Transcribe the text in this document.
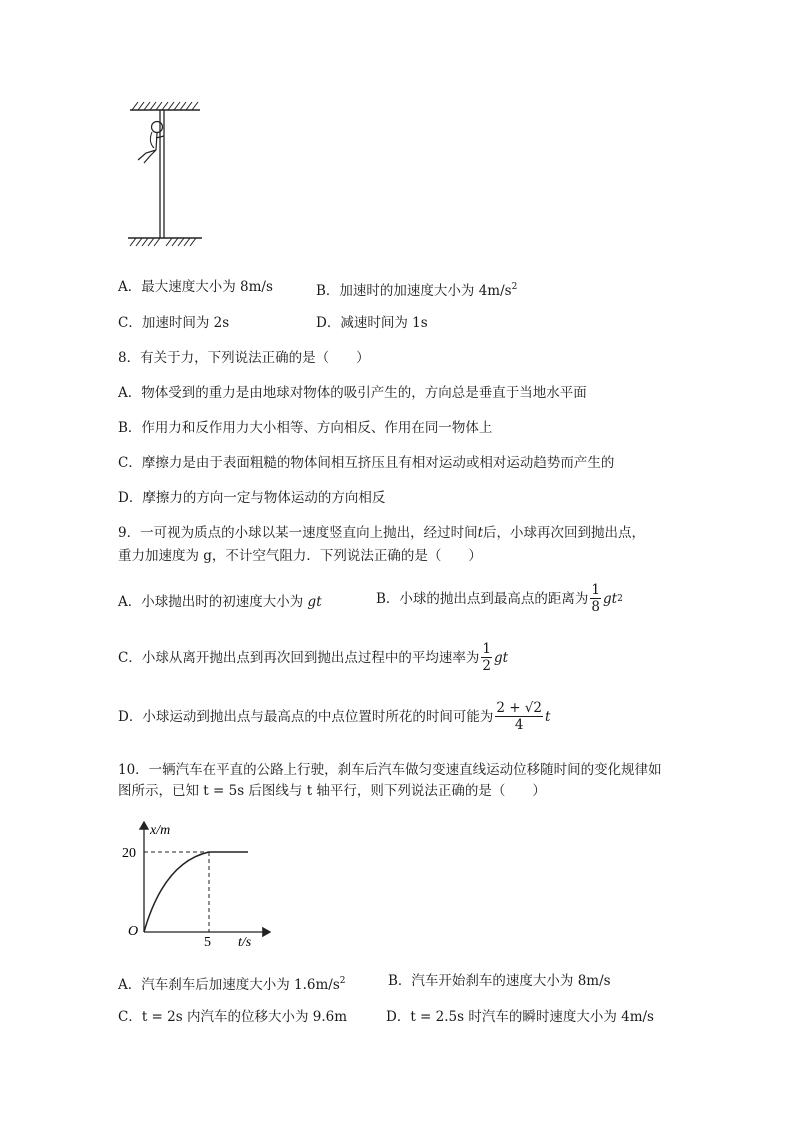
A．最大速度大小为 8m/s	B．加速时的加速度大小为 $4m/s^2$
C．加速时间为 2s	D．减速时间为 1s
8．有关于力，下列说法正确的是（　　）
A．物体受到的重力是由地球对物体的吸引产生的，方向总是垂直于当地水平面
B．作用力和反作用力大小相等、方向相反、作用在同一物体上
C．摩擦力是由于表面粗糙的物体间相互挤压且有相对运动或相对运动趋势而产生的
D．摩擦力的方向一定与物体运动的方向相反
9．一可视为质点的小球以某一速度竖直向上抛出，经过时间t后，小球再次回到抛出点，
重力加速度为 g，不计空气阻力．下列说法正确的是（　　）
A．小球抛出时的初速度大小为 gt	B．小球的抛出点到最高点的距离为 $\frac{1}{8}$ gt 2
C．小球从离开抛出点到再次回到抛出点过程中的平均速率为 $\frac{1}{2}$ gt
D．小球运动到抛出点与最高点的中点位置时所花的时间可能为 $\frac{2 + √2}{4}$ t
10．一辆汽车在平直的公路上行驶，刹车后汽车做匀变速直线运动位移随时间的变化规律如
图所示，已知 t = 5s 后图线与 t 轴平行，则下列说法正确的是（　　）
x/m
t/s
O
20
5
A．汽车刹车后加速度大小为 $1.6m/s^2$	B．汽车开始刹车的速度大小为 8m/s
C．t = 2s 内汽车的位移大小为 9.6m	D．t = 2.5s 时汽车的瞬时速度大小为 4m/s
